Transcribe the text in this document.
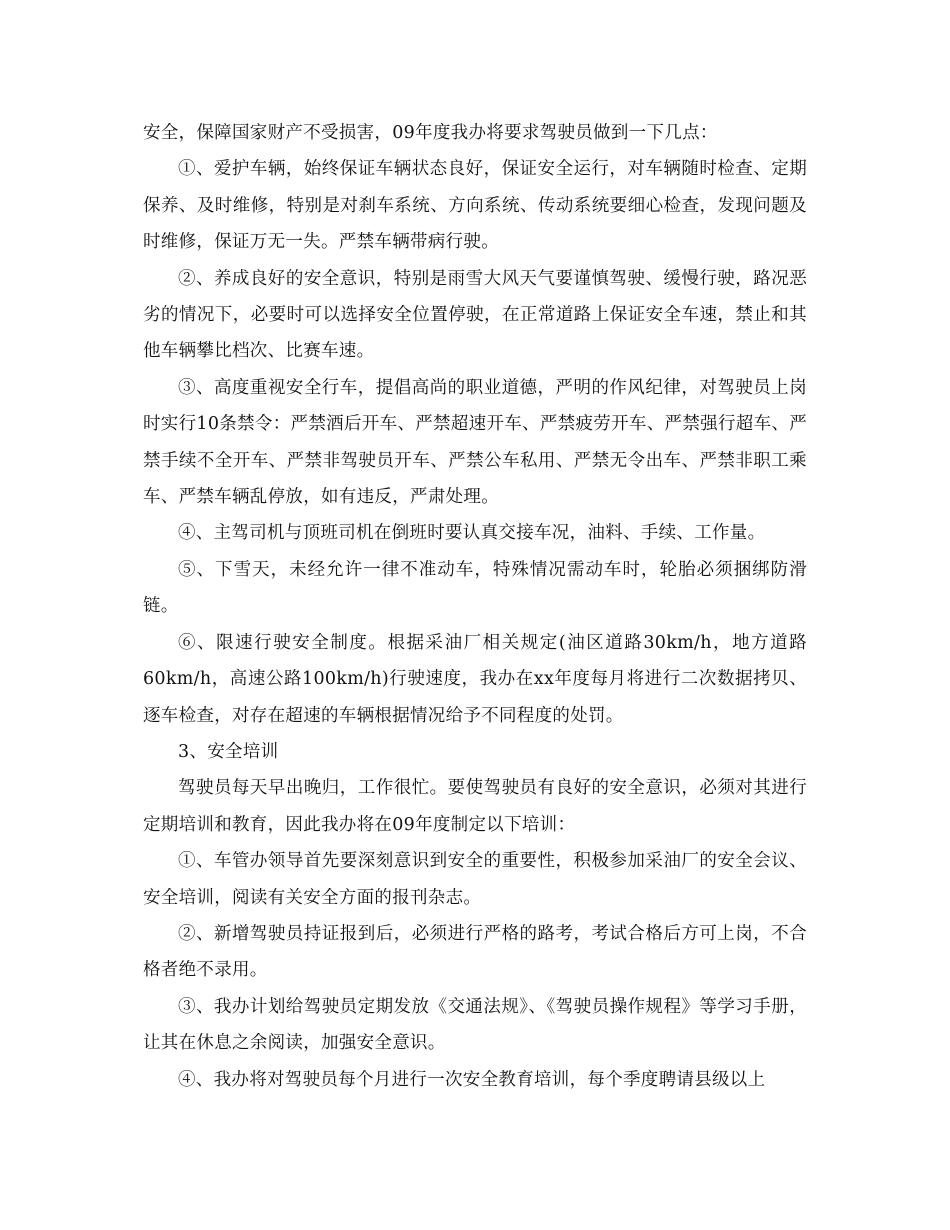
安全，保障国家财产不受损害，09年度我办将要求驾驶员做到一下几点：

①、爱护车辆，始终保证车辆状态良好，保证安全运行，对车辆随时检查、定期保养、及时维修，特别是对刹车系统、方向系统、传动系统要细心检查，发现问题及时维修，保证万无一失。严禁车辆带病行驶。

②、养成良好的安全意识，特别是雨雪大风天气要谨慎驾驶、缓慢行驶，路况恶劣的情况下，必要时可以选择安全位置停驶，在正常道路上保证安全车速，禁止和其他车辆攀比档次、比赛车速。

③、高度重视安全行车，提倡高尚的职业道德，严明的作风纪律，对驾驶员上岗时实行10条禁令：严禁酒后开车、严禁超速开车、严禁疲劳开车、严禁强行超车、严禁手续不全开车、严禁非驾驶员开车、严禁公车私用、严禁无令出车、严禁非职工乘车、严禁车辆乱停放，如有违反，严肃处理。

④、主驾司机与顶班司机在倒班时要认真交接车况，油料、手续、工作量。

⑤、下雪天，未经允许一律不准动车，特殊情况需动车时，轮胎必须捆绑防滑链。

⑥、限速行驶安全制度。根据采油厂相关规定(油区道路30km/h，地方道路60km/h，高速公路100km/h)行驶速度，我办在xx年度每月将进行二次数据拷贝、逐车检查，对存在超速的车辆根据情况给予不同程度的处罚。

3、安全培训

驾驶员每天早出晚归，工作很忙。要使驾驶员有良好的安全意识，必须对其进行定期培训和教育，因此我办将在09年度制定以下培训：

①、车管办领导首先要深刻意识到安全的重要性，积极参加采油厂的安全会议、安全培训，阅读有关安全方面的报刊杂志。

②、新增驾驶员持证报到后，必须进行严格的路考，考试合格后方可上岗，不合格者绝不录用。

③、我办计划给驾驶员定期发放《交通法规》、《驾驶员操作规程》等学习手册，让其在休息之余阅读，加强安全意识。

④、我办将对驾驶员每个月进行一次安全教育培训，每个季度聘请县级以上
